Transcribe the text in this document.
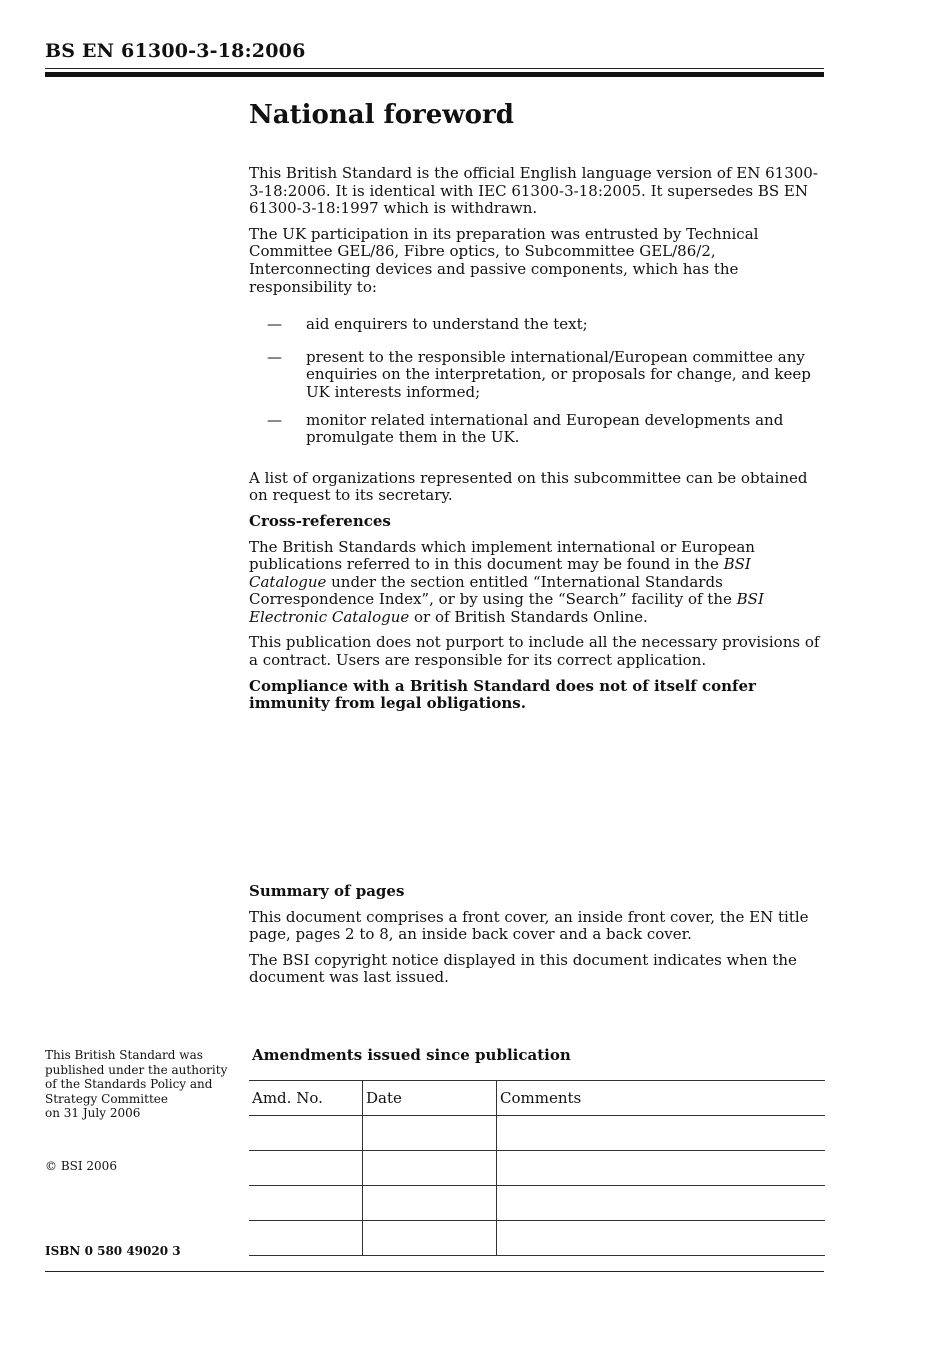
BS EN 61300-3-18:2006
National foreword

This British Standard is the official English language version of EN 61300-3-18:2006. It is identical with IEC 61300-3-18:2005. It supersedes BS EN 61300-3-18:1997 which is withdrawn.

The UK participation in its preparation was entrusted by Technical Committee GEL/86, Fibre optics, to Subcommittee GEL/86/2, Interconnecting devices and passive components, which has the responsibility to:

—	aid enquirers to understand the text;
—	present to the responsible international/European committee any enquiries on the interpretation, or proposals for change, and keep UK interests informed;
—	monitor related international and European developments and promulgate them in the UK.

A list of organizations represented on this subcommittee can be obtained on request to its secretary.

Cross-references

The British Standards which implement international or European publications referred to in this document may be found in the BSI Catalogue under the section entitled “International Standards Correspondence Index”, or by using the “Search” facility of the BSI Electronic Catalogue or of British Standards Online.

This publication does not purport to include all the necessary provisions of a contract. Users are responsible for its correct application.

Compliance with a British Standard does not of itself confer immunity from legal obligations.

Summary of pages

This document comprises a front cover, an inside front cover, the EN title page, pages 2 to 8, an inside back cover and a back cover.

The BSI copyright notice displayed in this document indicates when the document was last issued.

This British Standard was
published under the authority
of the Standards Policy and
Strategy Committee
on 31 July 2006
© BSI 2006
ISBN 0 580 49020 3
Amendments issued since publication
Amd. No.	Date	Comments
